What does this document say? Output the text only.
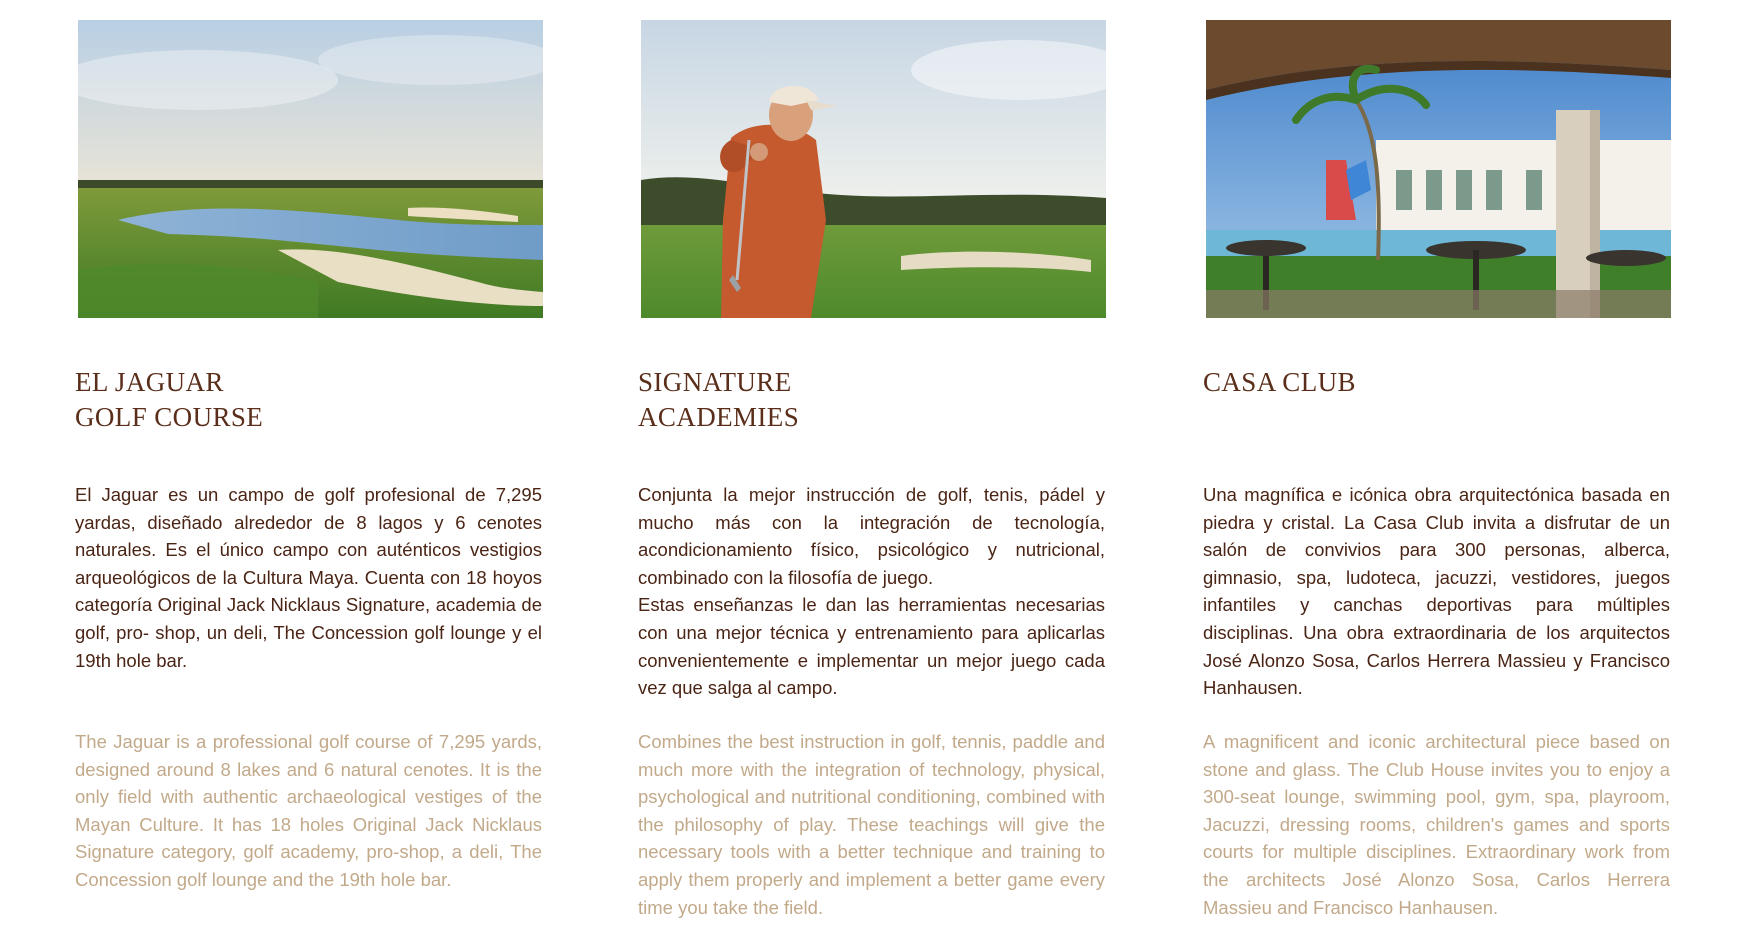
EL JAGUAR
GOLF COURSE

El Jaguar es un campo de golf profesional de 7,295 yardas, diseñado alrededor de 8 lagos y 6 cenotes naturales. Es el único campo con auténticos vestigios arqueológicos de la Cultura Maya. Cuenta con 18 hoyos categoría Original Jack Nicklaus Signature, academia de golf, pro- shop, un deli, The Concession golf lounge y el 19th hole bar.

The Jaguar is a professional golf course of 7,295 yards, designed around 8 lakes and 6 natural cenotes. It is the only field with authentic archaeological vestiges of the Mayan Culture. It has 18 holes Original Jack Nicklaus Signature category, golf academy, pro-shop, a deli, The Concession golf lounge and the 19th hole bar.

SIGNATURE
ACADEMIES

Conjunta la mejor instrucción de golf, tenis, pádel y mucho más con la integración de tecnología, acondicionamiento físico, psicológico y nutricional, combinado con la filosofía de juego.
Estas enseñanzas le dan las herramientas necesarias con una mejor técnica y entrenamiento para aplicarlas convenientemente e implementar un mejor juego cada vez que salga al campo.

Combines the best instruction in golf, tennis, paddle and much more with the integration of technology, physical, psychological and nutritional conditioning, combined with the philosophy of play. These teachings will give the necessary tools with a better technique and training to apply them properly and implement a better game every time you take the field.

CASA CLUB

Una magnífica e icónica obra arquitectónica basada en piedra y cristal. La Casa Club invita a disfrutar de un salón de convivios para 300 personas, alberca, gimnasio, spa, ludoteca, jacuzzi, vestidores, juegos infantiles y canchas deportivas para múltiples disciplinas. Una obra extraordinaria de los arquitectos José Alonzo Sosa, Carlos Herrera Massieu y Francisco Hanhausen.

A magnificent and iconic architectural piece based on stone and glass. The Club House invites you to enjoy a 300-seat lounge, swimming pool, gym, spa, playroom, Jacuzzi, dressing rooms, children's games and sports courts for multiple disciplines. Extraordinary work from the architects José Alonzo Sosa, Carlos Herrera Massieu and Francisco Hanhausen.
